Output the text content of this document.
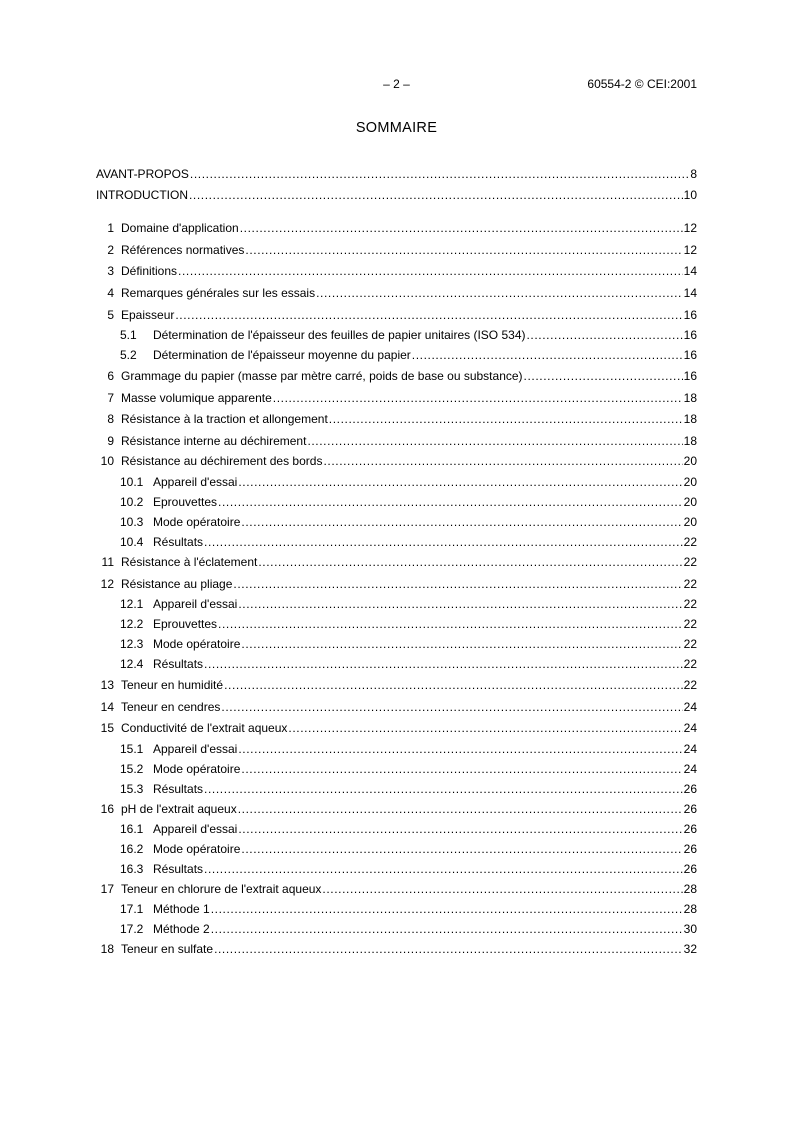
– 2 –	60554-2 © CEI:2001
SOMMAIRE
AVANT-PROPOS .....	8
INTRODUCTION .....	10
1 Domaine d'application .....	12
2 Références normatives .....	12
3 Définitions .....	14
4 Remarques générales sur les essais .....	14
5 Epaisseur .....	16
5.1	Détermination de l'épaisseur des feuilles de papier unitaires (ISO 534) .....	16
5.2	Détermination de l'épaisseur moyenne du papier .....	16
6 Grammage du papier (masse par mètre carré, poids de base ou substance) .....	16
7 Masse volumique apparente .....	18
8 Résistance à la traction et allongement .....	18
9 Résistance interne au déchirement .....	18
10 Résistance au déchirement des bords .....	20
10.1 Appareil d'essai .....	20
10.2 Eprouvettes .....	20
10.3 Mode opératoire .....	20
10.4 Résultats .....	22
11 Résistance à l'éclatement .....	22
12 Résistance au pliage .....	22
12.1 Appareil d'essai .....	22
12.2 Eprouvettes .....	22
12.3 Mode opératoire .....	22
12.4 Résultats .....	22
13 Teneur en humidité .....	22
14 Teneur en cendres .....	24
15 Conductivité de l'extrait aqueux .....	24
15.1 Appareil d'essai .....	24
15.2 Mode opératoire .....	24
15.3 Résultats .....	26
16 pH de l'extrait aqueux .....	26
16.1 Appareil d'essai .....	26
16.2 Mode opératoire .....	26
16.3 Résultats .....	26
17 Teneur en chlorure de l'extrait aqueux .....	28
17.1 Méthode 1 .....	28
17.2 Méthode 2 .....	30
18 Teneur en sulfate .....	32
